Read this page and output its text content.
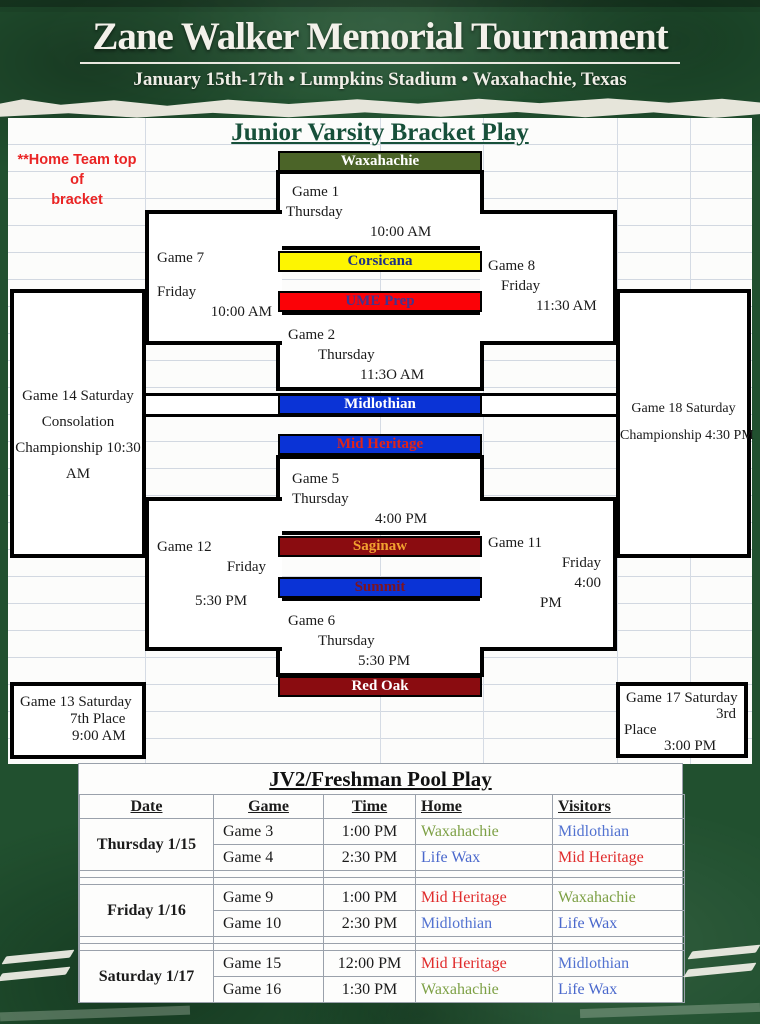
Zane Walker Memorial Tournament
January 15th-17th • Lumpkins Stadium • Waxahachie, Texas
Junior Varsity Bracket Play
**Home Team top of
bracket	Game 1
Thursday
10:00 AM
Game 2
Thursday
11:3O AM
Game 5
Thursday
4:00 PM
Game 6
Thursday
5:30 PM
Game 7
Friday
10:00 AM
Game 8
Friday
11:30 AM
Game 12
Friday
5:30 PM
Game 11
Friday
4:00
PM
Game 14 Saturday
Consolation
Championship 10:30
AM
Game 18 Saturday
Championship 4:30 PM
Game 13 Saturday
7th Place
9:00 AM
Game 17 Saturday
3rd
Place
3:00 PM
Waxahachie
Corsicana
UME Prep
Midlothian
Mid Heritage
Saginaw
Summit
Red Oak
JV2/Freshman Pool Play
Date	Game	Time	Home	Visitors
Thursday 1/15	Game 3	1:00 PM	Waxahachie	Midlothian
	Game 4	2:30 PM	Life Wax	Mid Heritage

Friday 1/16	Game 9	1:00 PM	Mid Heritage	Waxahachie
	Game 10	2:30 PM	Midlothian	Life Wax

Saturday 1/17	Game 15	12:00 PM	Mid Heritage	Midlothian
	Game 16	1:30 PM	Waxahachie	Life Wax
